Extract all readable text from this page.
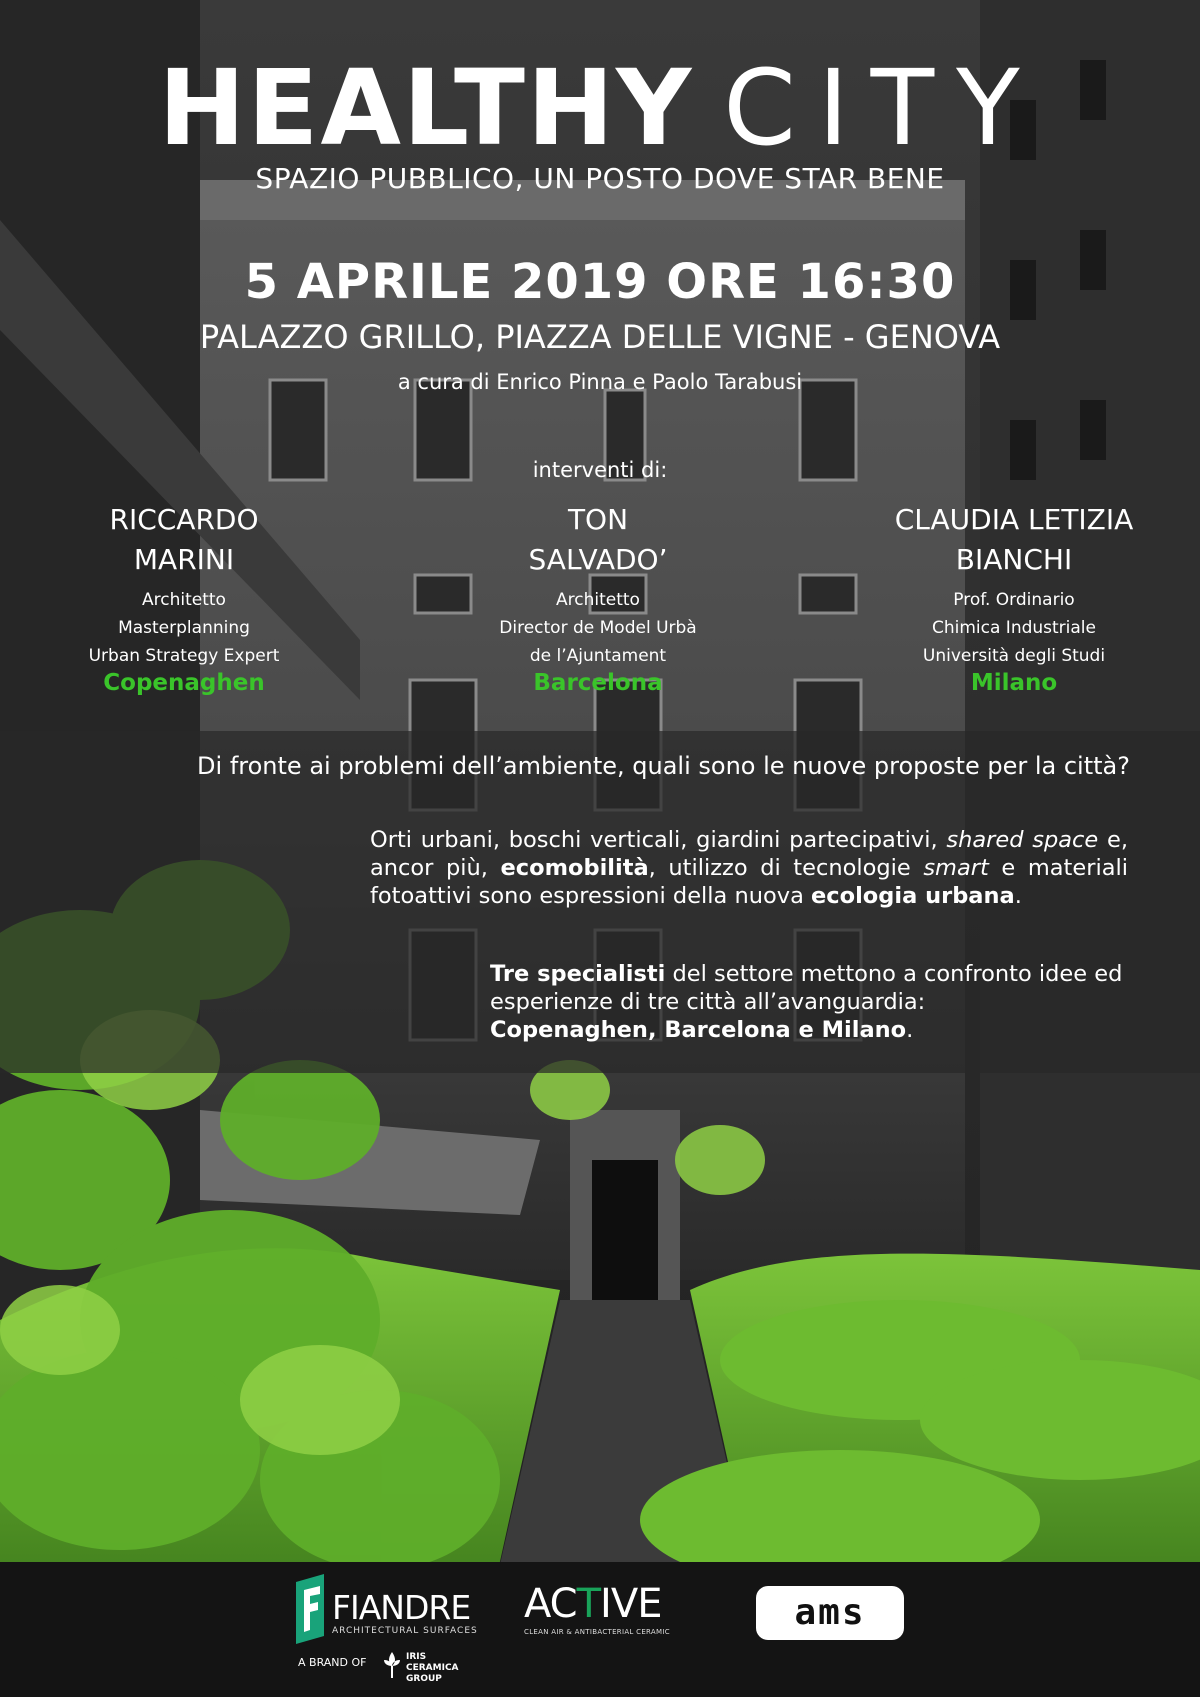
HEALTHY CITY
SPAZIO PUBBLICO, UN POSTO DOVE STAR BENE
5 APRILE 2019 ORE 16:30
PALAZZO GRILLO, PIAZZA DELLE VIGNE - GENOVA
a cura di Enrico Pinna e Paolo Tarabusi
interventi di:
RICCARDO
MARINI
Architetto
Masterplanning
Urban Strategy Expert
Copenaghen
TON
SALVADO’
Architetto
Director de Model Urbà
de l’Ajuntament
Barcelona
CLAUDIA LETIZIA
BIANCHI
Prof. Ordinario
Chimica Industriale
Università degli Studi
Milano
Di fronte ai problemi dell’ambiente, quali sono le nuove proposte per la città?
Orti urbani, boschi verticali, giardini partecipativi, shared space e, ancor più, ecomobilità, utilizzo di tecnologie smart e materiali fotoattivi sono espressioni della nuova ecologia urbana.
Tre specialisti del settore mettono a confronto idee ed esperienze di tre città all’avanguardia:
Copenaghen, Barcelona e Milano.
FIANDRE
ARCHITECTURAL SURFACES
A BRAND OF	IRIS
CERAMICA
GROUP
ACTIVE
CLEAN AIR & ANTIBACTERIAL CERAMIC	ams
